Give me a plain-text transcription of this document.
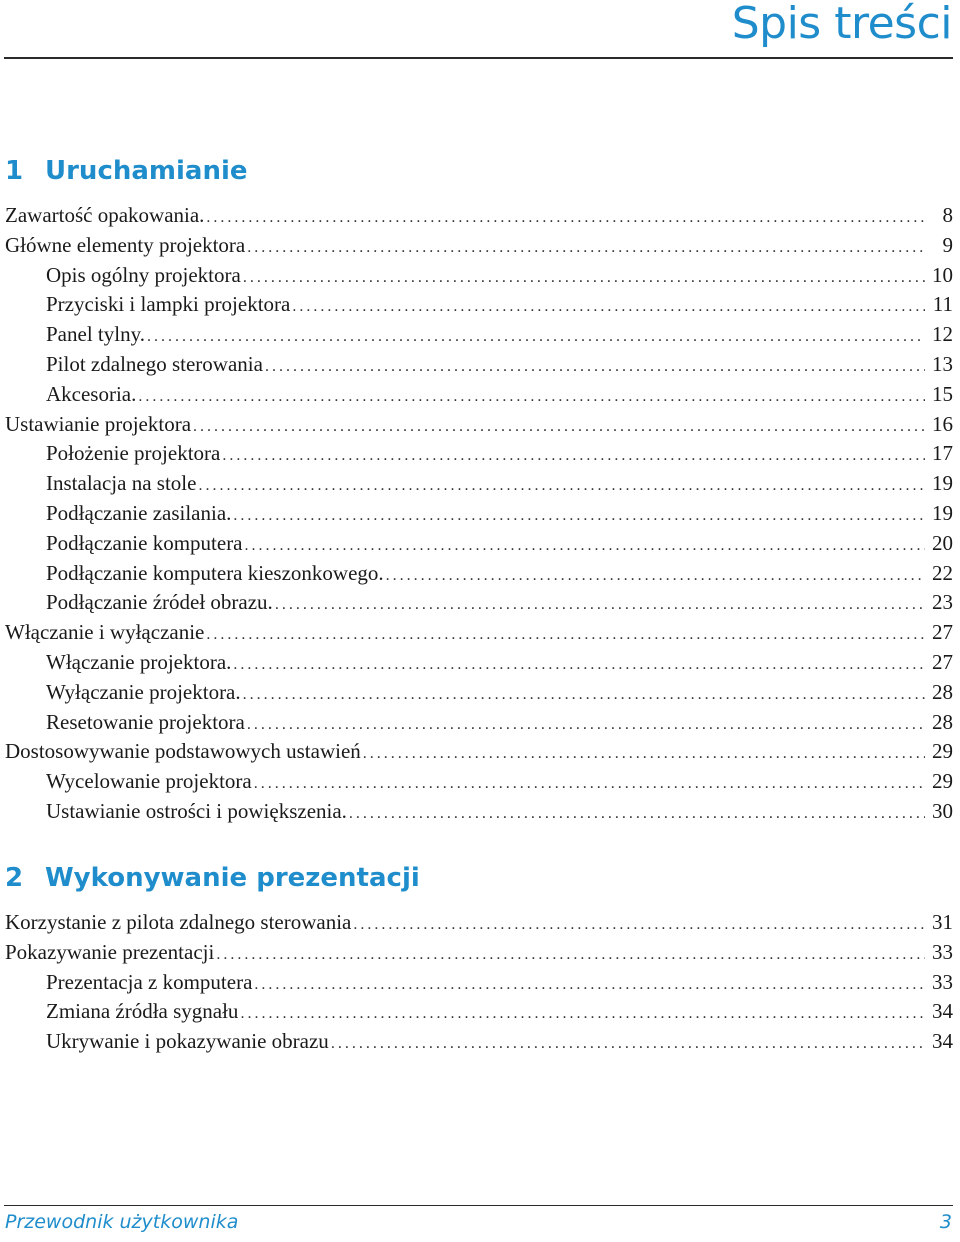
Spis treści
1 Uruchamianie
Zawartość opakowania. . . .	8
Główne elementy projektora . . .	9
Opis ogólny projektora . . .	10
Przyciski i lampki projektora . . .	11
Panel tylny. . . .	12
Pilot zdalnego sterowania . . .	13
Akcesoria. . . .	15
Ustawianie projektora . . .	16
Położenie projektora . . .	17
Instalacja na stole . . .	19
Podłączanie zasilania. . . .	19
Podłączanie komputera . . .	20
Podłączanie komputera kieszonkowego. . . .	22
Podłączanie źródeł obrazu. . . .	23
Włączanie i wyłączanie . . .	27
Włączanie projektora. . . .	27
Wyłączanie projektora. . . .	28
Resetowanie projektora . . .	28
Dostosowywanie podstawowych ustawień . . .	29
Wycelowanie projektora . . .	29
Ustawianie ostrości i powiększenia. . . .	30
2 Wykonywanie prezentacji
Korzystanie z pilota zdalnego sterowania . . .	31
Pokazywanie prezentacji . . .	33
Prezentacja z komputera . . .	33
Zmiana źródła sygnału . . .	34
Ukrywanie i pokazywanie obrazu . . .	34
Przewodnik użytkownika	3
